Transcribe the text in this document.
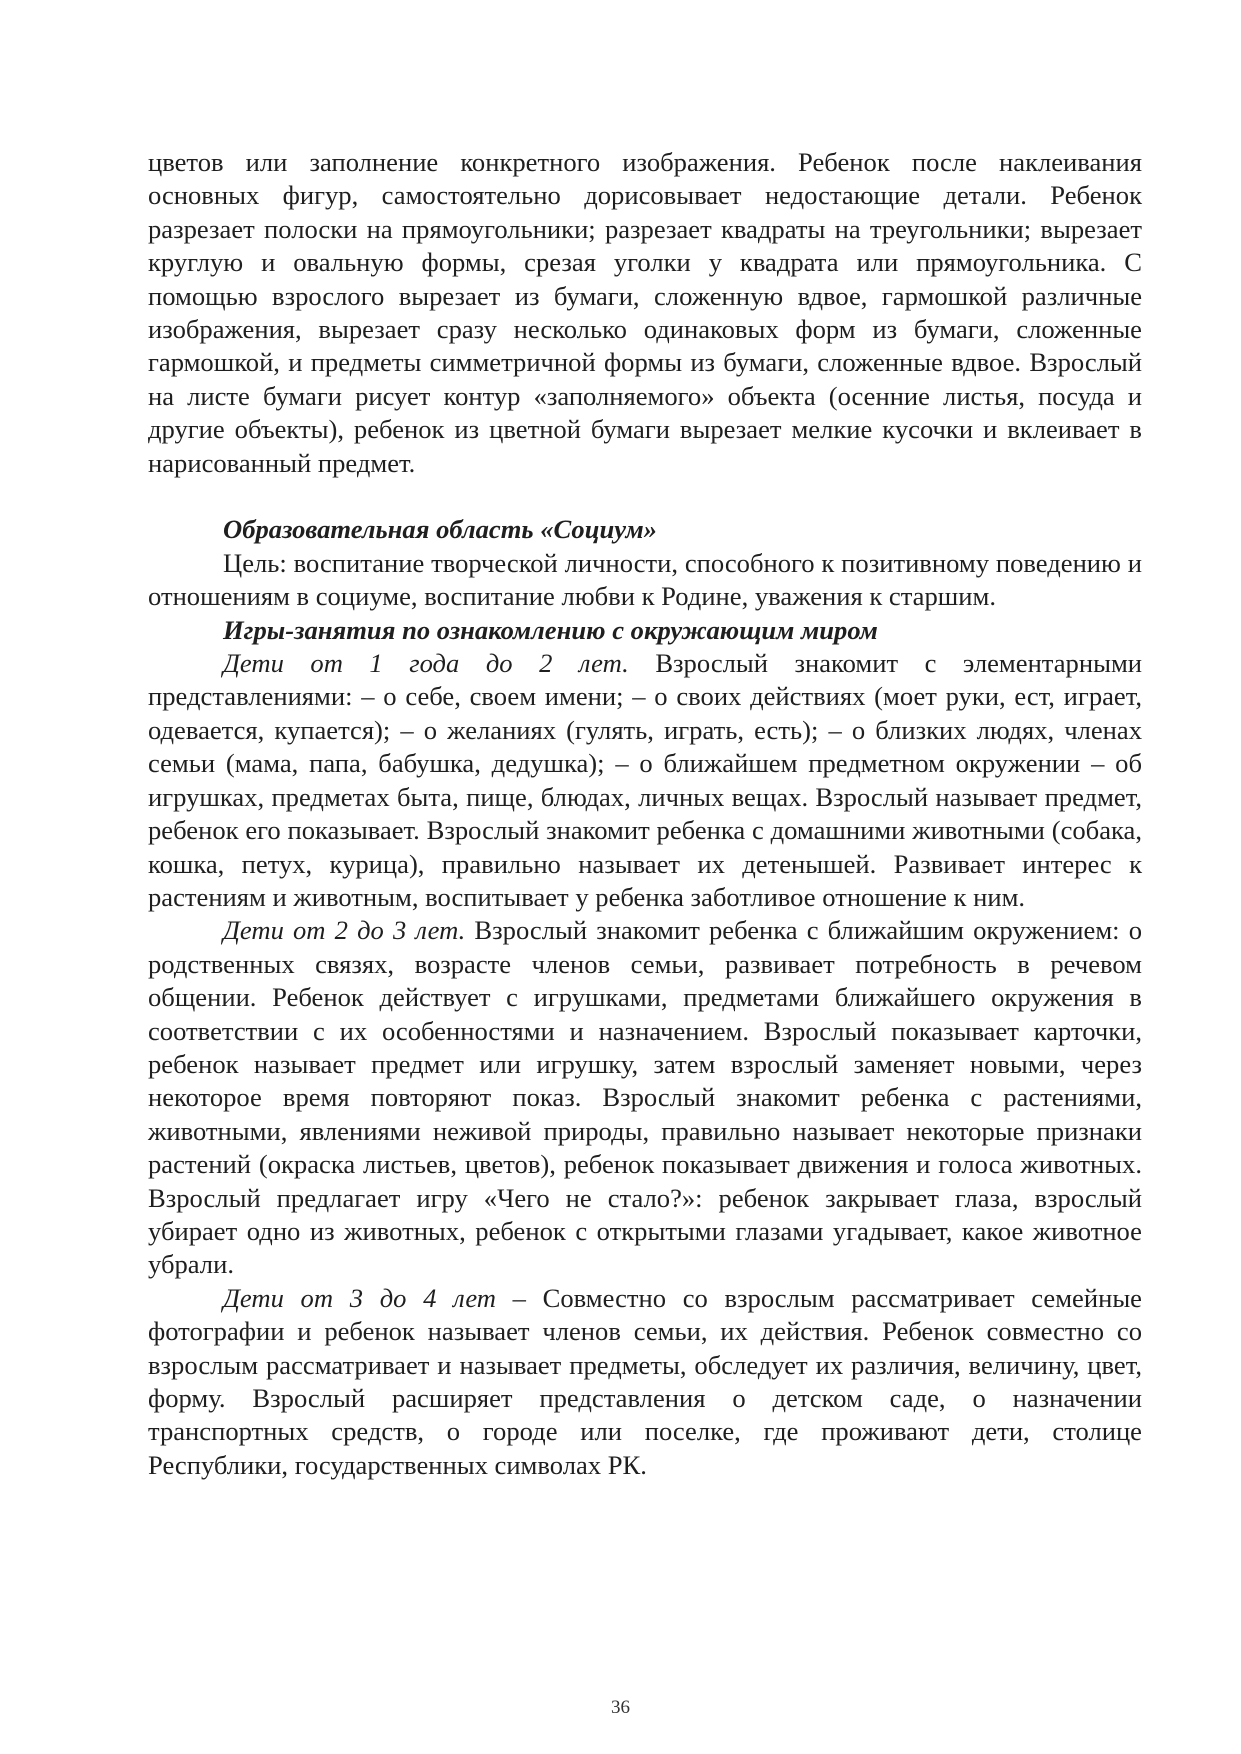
цветов или заполнение конкретного изображения. Ребенок после наклеивания основных фигур, самостоятельно дорисовывает недостающие детали. Ребенок разрезает полоски на прямоугольники; разрезает квадраты на треугольники; вырезает круглую и овальную формы, срезая уголки у квадрата или прямоугольника. С помощью взрослого вырезает из бумаги, сложенную вдвое, гармошкой различные изображения, вырезает сразу несколько одинаковых форм из бумаги, сложенные гармошкой, и предметы симметричной формы из бумаги, сложенные вдвое. Взрослый на листе бумаги рисует контур «заполняемого» объекта (осенние листья, посуда и другие объекты), ребенок из цветной бумаги вырезает мелкие кусочки и вклеивает в нарисованный предмет.

Образовательная область «Социум»

Цель: воспитание творческой личности, способного к позитивному поведению и отношениям в социуме, воспитание любви к Родине, уважения к старшим.

Игры-занятия по ознакомлению с окружающим миром

Дети от 1 года до 2 лет. Взрослый знакомит с элементарными представлениями: – о себе, своем имени; – о своих действиях (моет руки, ест, играет, одевается, купается); – о желаниях (гулять, играть, есть); – о близких людях, членах семьи (мама, папа, бабушка, дедушка); – о ближайшем предметном окружении – об игрушках, предметах быта, пище, блюдах, личных вещах. Взрослый называет предмет, ребенок его показывает. Взрослый знакомит ребенка с домашними животными (собака, кошка, петух, курица), правильно называет их детенышей. Развивает интерес к растениям и животным, воспитывает у ребенка заботливое отношение к ним.

Дети от 2 до 3 лет. Взрослый знакомит ребенка с ближайшим окружением: о родственных связях, возрасте членов семьи, развивает потребность в речевом общении. Ребенок действует с игрушками, предметами ближайшего окружения в соответствии с их особенностями и назначением. Взрослый показывает карточки, ребенок называет предмет или игрушку, затем взрослый заменяет новыми, через некоторое время повторяют показ. Взрослый знакомит ребенка с растениями, животными, явлениями неживой природы, правильно называет некоторые признаки растений (окраска листьев, цветов), ребенок показывает движения и голоса животных. Взрослый предлагает игру «Чего не стало?»: ребенок закрывает глаза, взрослый убирает одно из животных, ребенок с открытыми глазами угадывает, какое животное убрали.

Дети от 3 до 4 лет – Совместно со взрослым рассматривает семейные фотографии и ребенок называет членов семьи, их действия. Ребенок совместно со взрослым рассматривает и называет предметы, обследует их различия, величину, цвет, форму. Взрослый расширяет представления о детском саде, о назначении транспортных средств, о городе или поселке, где проживают дети, столице Республики, государственных символах РК.

36
